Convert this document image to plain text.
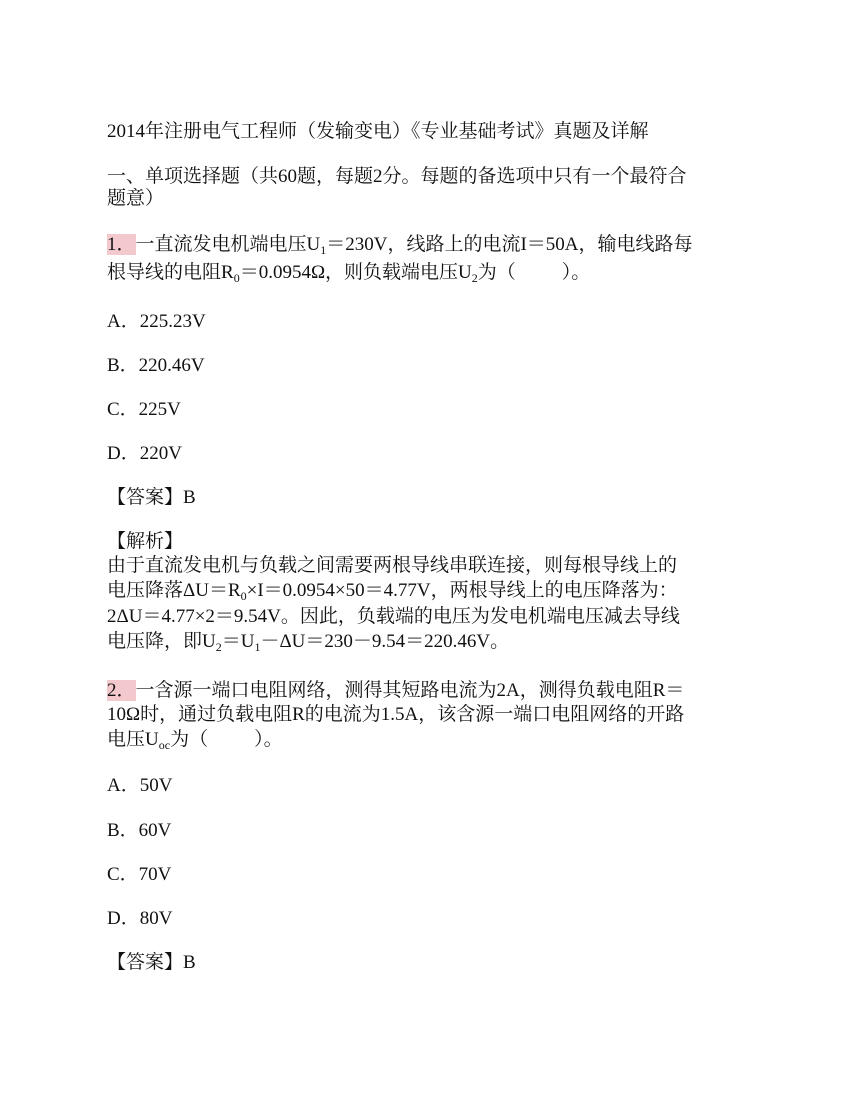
2014年注册电气工程师（发输变电）《专业基础考试》真题及详解
一、单项选择题（共60题，每题2分。每题的备选项中只有一个最符合
题意）
1．一直流发电机端电压$U_1=230V$，线路上的电流I＝50A，输电线路每
根导线的电阻$R_0=0.0954\Omega$，则负载端电压$U_2$为（ ）。
A．225.23V
B．220.46V
C．225V
D．220V
【答案】B
【解析】
由于直流发电机与负载之间需要两根导线串联连接，则每根导线上的
电压降落$\Delta U=R_0\times I=0.0954\times 50=4.77V$，两根导线上的电压降落为：
2ΔU＝4.77×2＝9.54V。因此，负载端的电压为发电机端电压减去导线
电压降，即$U_2=U_1-\Delta U=230-9.54=220.46V$。
2．一含源一端口电阻网络，测得其短路电流为2A，测得负载电阻R＝
10Ω时，通过负载电阻R的电流为1.5A，该含源一端口电阻网络的开路
电压$U_{oc}$为（ ）。
A．50V
B．60V
C．70V
D．80V
【答案】B
